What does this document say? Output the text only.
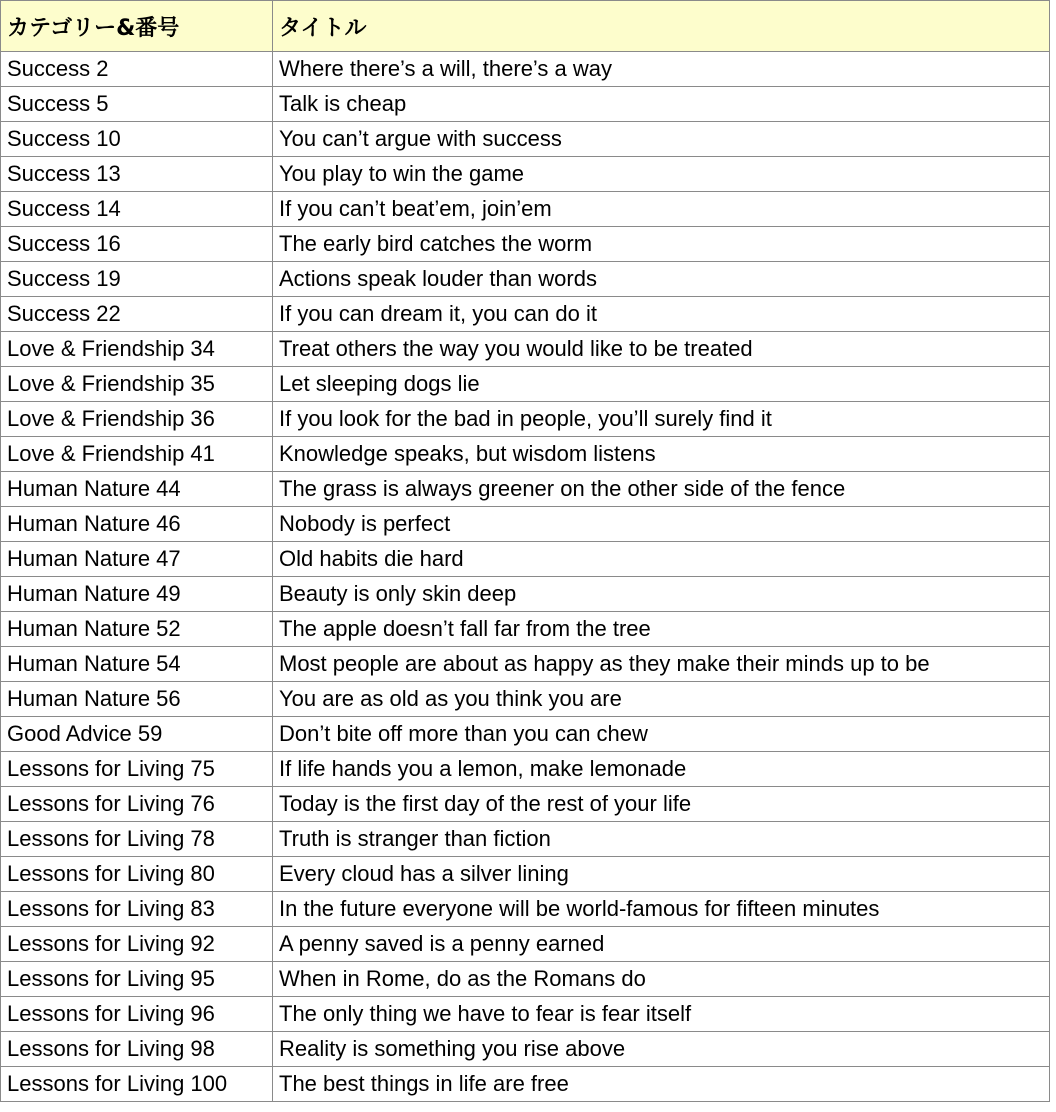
カテゴリー&番号	タイトル
Success 2	Where there’s a will, there’s a way
Success 5	Talk is cheap
Success 10	You can’t argue with success
Success 13	You play to win the game
Success 14	If you can’t beat’em, join’em
Success 16	The early bird catches the worm
Success 19	Actions speak louder than words
Success 22	If you can dream it, you can do it
Love & Friendship 34	Treat others the way you would like to be treated
Love & Friendship 35	Let sleeping dogs lie
Love & Friendship 36	If you look for the bad in people, you’ll surely find it
Love & Friendship 41	Knowledge speaks, but wisdom listens
Human Nature 44	The grass is always greener on the other side of the fence
Human Nature 46	Nobody is perfect
Human Nature 47	Old habits die hard
Human Nature 49	Beauty is only skin deep
Human Nature 52	The apple doesn’t fall far from the tree
Human Nature 54	Most people are about as happy as they make their minds up to be
Human Nature 56	You are as old as you think you are
Good Advice 59	Don’t bite off more than you can chew
Lessons for Living 75	If life hands you a lemon, make lemonade
Lessons for Living 76	Today is the first day of the rest of your life
Lessons for Living 78	Truth is stranger than fiction
Lessons for Living 80	Every cloud has a silver lining
Lessons for Living 83	In the future everyone will be world-famous for fifteen minutes
Lessons for Living 92	A penny saved is a penny earned
Lessons for Living 95	When in Rome, do as the Romans do
Lessons for Living 96	The only thing we have to fear is fear itself
Lessons for Living 98	Reality is something you rise above
Lessons for Living 100	The best things in life are free
